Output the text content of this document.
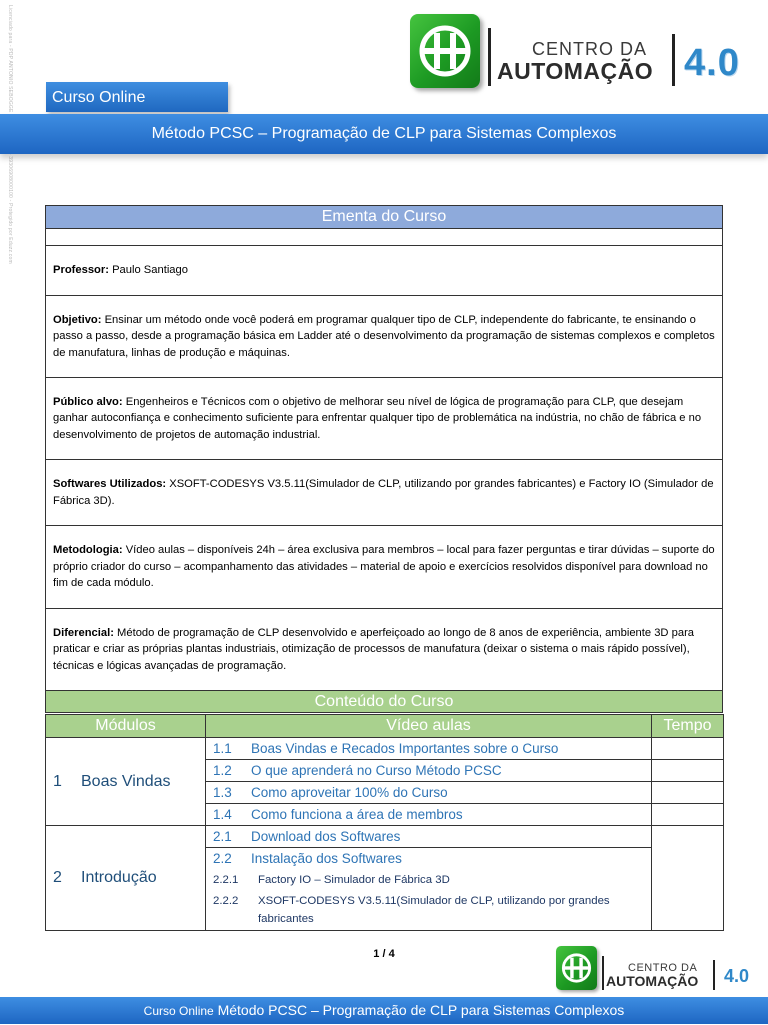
CENTRO DA
AUTOMAÇÃO 4.0
Curso Online
Método PCSC – Programação de CLP para Sistemas Complexos
Ementa do Curso

Professor: Paulo Santiago
Objetivo: Ensinar um método onde você poderá em programar qualquer tipo de CLP, independente do fabricante, te ensinando o passo a passo, desde a programação básica em Ladder até o desenvolvimento da programação de sistemas complexos e completos de manufatura, linhas de produção e máquinas.
Público alvo: Engenheiros e Técnicos com o objetivo de melhorar seu nível de lógica de programação para CLP, que desejam ganhar autoconfiança e conhecimento suficiente para enfrentar qualquer tipo de problemática na indústria, no chão de fábrica e no desenvolvimento de projetos de automação industrial.
Softwares Utilizados: XSOFT-CODESYS V3.5.11(Simulador de CLP, utilizando por grandes fabricantes) e Factory IO (Simulador de Fábrica 3D).
Metodologia: Vídeo aulas – disponíveis 24h – área exclusiva para membros – local para fazer perguntas e tirar dúvidas – suporte do próprio criador do curso – acompanhamento das atividades – material de apoio e exercícios resolvidos disponível para download no fim de cada módulo.
Diferencial: Método de programação de CLP desenvolvido e aperfeiçoado ao longo de 8 anos de experiência, ambiente 3D para praticar e criar as próprias plantas industriais, otimização de processos de manufatura (deixar o sistema o mais rápido possível), técnicas e lógicas avançadas de programação.
Conteúdo do Curso
Módulos	Vídeo aulas	Tempo
1 Boas Vindas	1.1 Boas Vindas e Recados Importantes sobre o Curso	
	1.2 O que aprenderá no Curso Método PCSC	
	1.3 Como aproveitar 100% do Curso	
	1.4 Como funciona a área de membros	
2 Introdução	2.1 Download dos Softwares	
	2.2 Instalação dos Softwares	
	2.2.1 Factory IO – Simulador de Fábrica 3D	
	2.2.2 XSOFT-CODESYS V3.5.11(Simulador de CLP, utilizando por grandes fabricantes	
1 / 4
CENTRO DA
AUTOMAÇÃO 4.0
Curso Online Método PCSC – Programação de CLP para Sistemas Complexos
